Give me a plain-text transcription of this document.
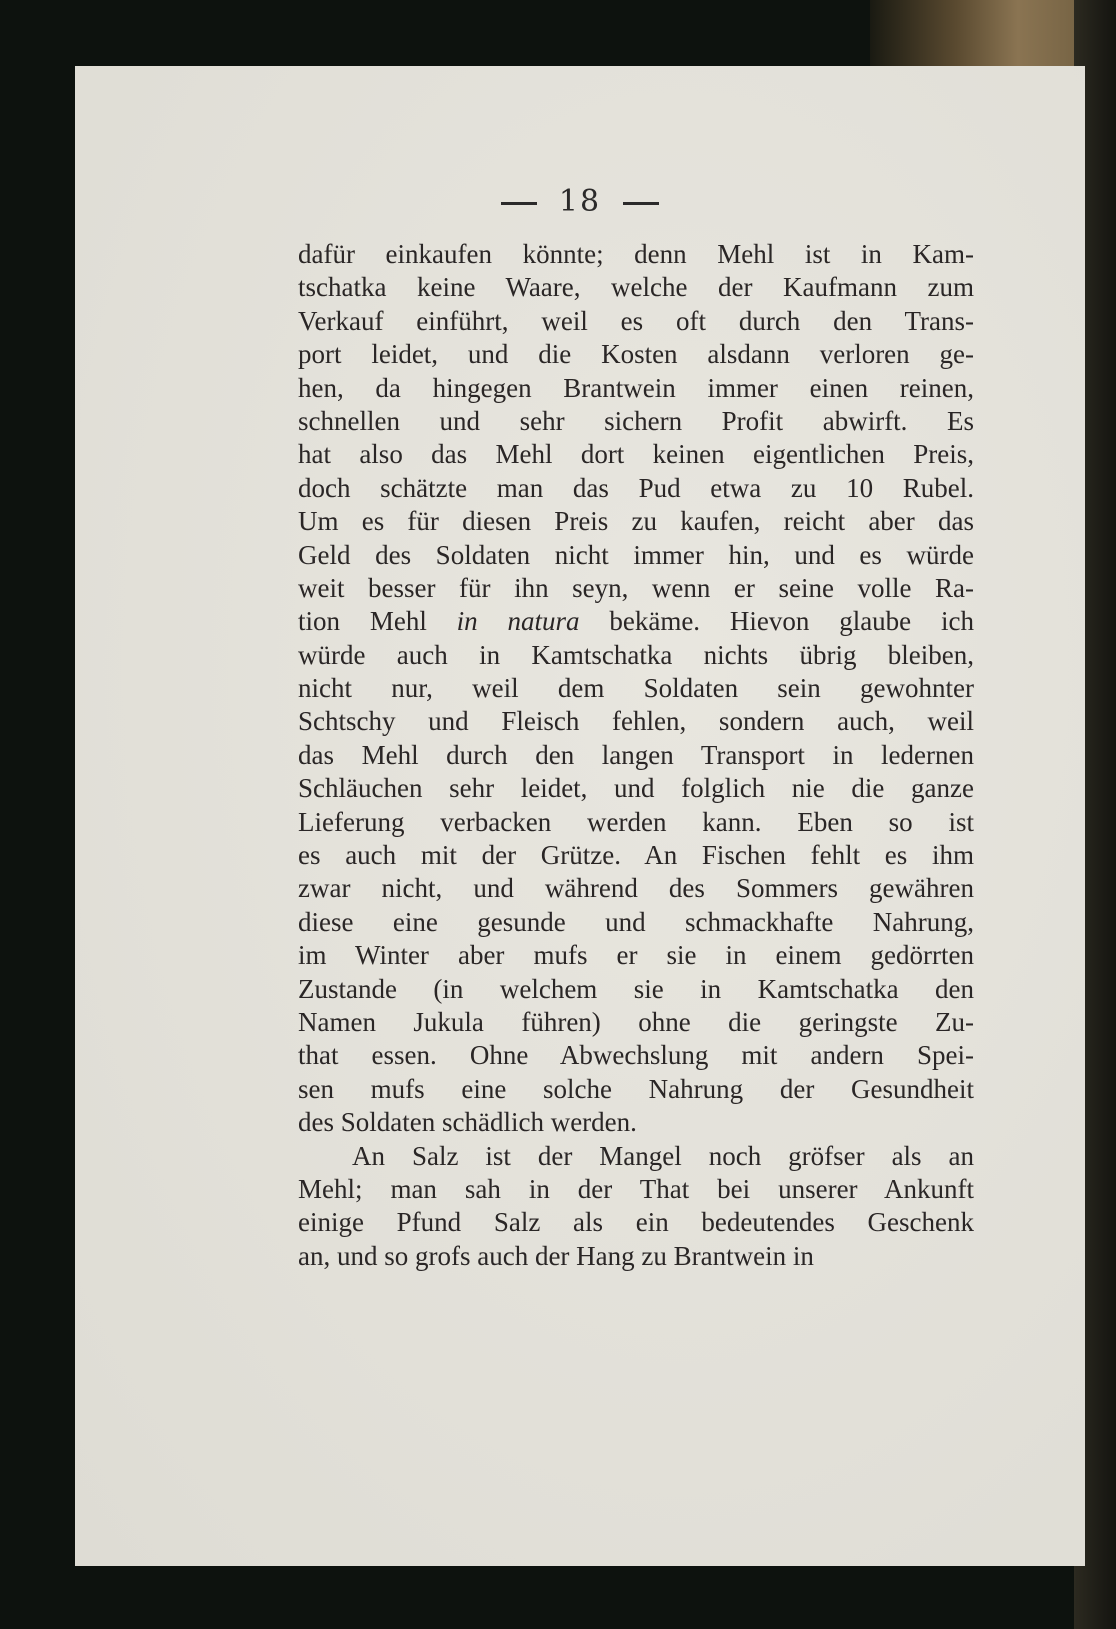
18
dafür einkaufen könnte; denn Mehl ist in Kam-
tschatka keine Waare, welche der Kaufmann zum
Verkauf einführt, weil es oft durch den Trans-
port leidet, und die Kosten alsdann verloren ge-
hen, da hingegen Brantwein immer einen reinen,
schnellen und sehr sichern Profit abwirft. Es
hat also das Mehl dort keinen eigentlichen Preis,
doch schätzte man das Pud etwa zu 10 Rubel.
Um es für diesen Preis zu kaufen, reicht aber das
Geld des Soldaten nicht immer hin, und es würde
weit besser für ihn seyn, wenn er seine volle Ra-
tion Mehl in natura bekäme. Hievon glaube ich
würde auch in Kamtschatka nichts übrig bleiben,
nicht nur, weil dem Soldaten sein gewohnter
Schtschy und Fleisch fehlen, sondern auch, weil
das Mehl durch den langen Transport in ledernen
Schläuchen sehr leidet, und folglich nie die ganze
Lieferung verbacken werden kann. Eben so ist
es auch mit der Grütze. An Fischen fehlt es ihm
zwar nicht, und während des Sommers gewähren
diese eine gesunde und schmackhafte Nahrung,
im Winter aber mufs er sie in einem gedörrten
Zustande (in welchem sie in Kamtschatka den
Namen Jukula führen) ohne die geringste Zu-
that essen. Ohne Abwechslung mit andern Spei-
sen mufs eine solche Nahrung der Gesundheit
des Soldaten schädlich werden.
An Salz ist der Mangel noch gröfser als an
Mehl; man sah in der That bei unserer Ankunft
einige Pfund Salz als ein bedeutendes Geschenk
an, und so grofs auch der Hang zu Brantwein in
